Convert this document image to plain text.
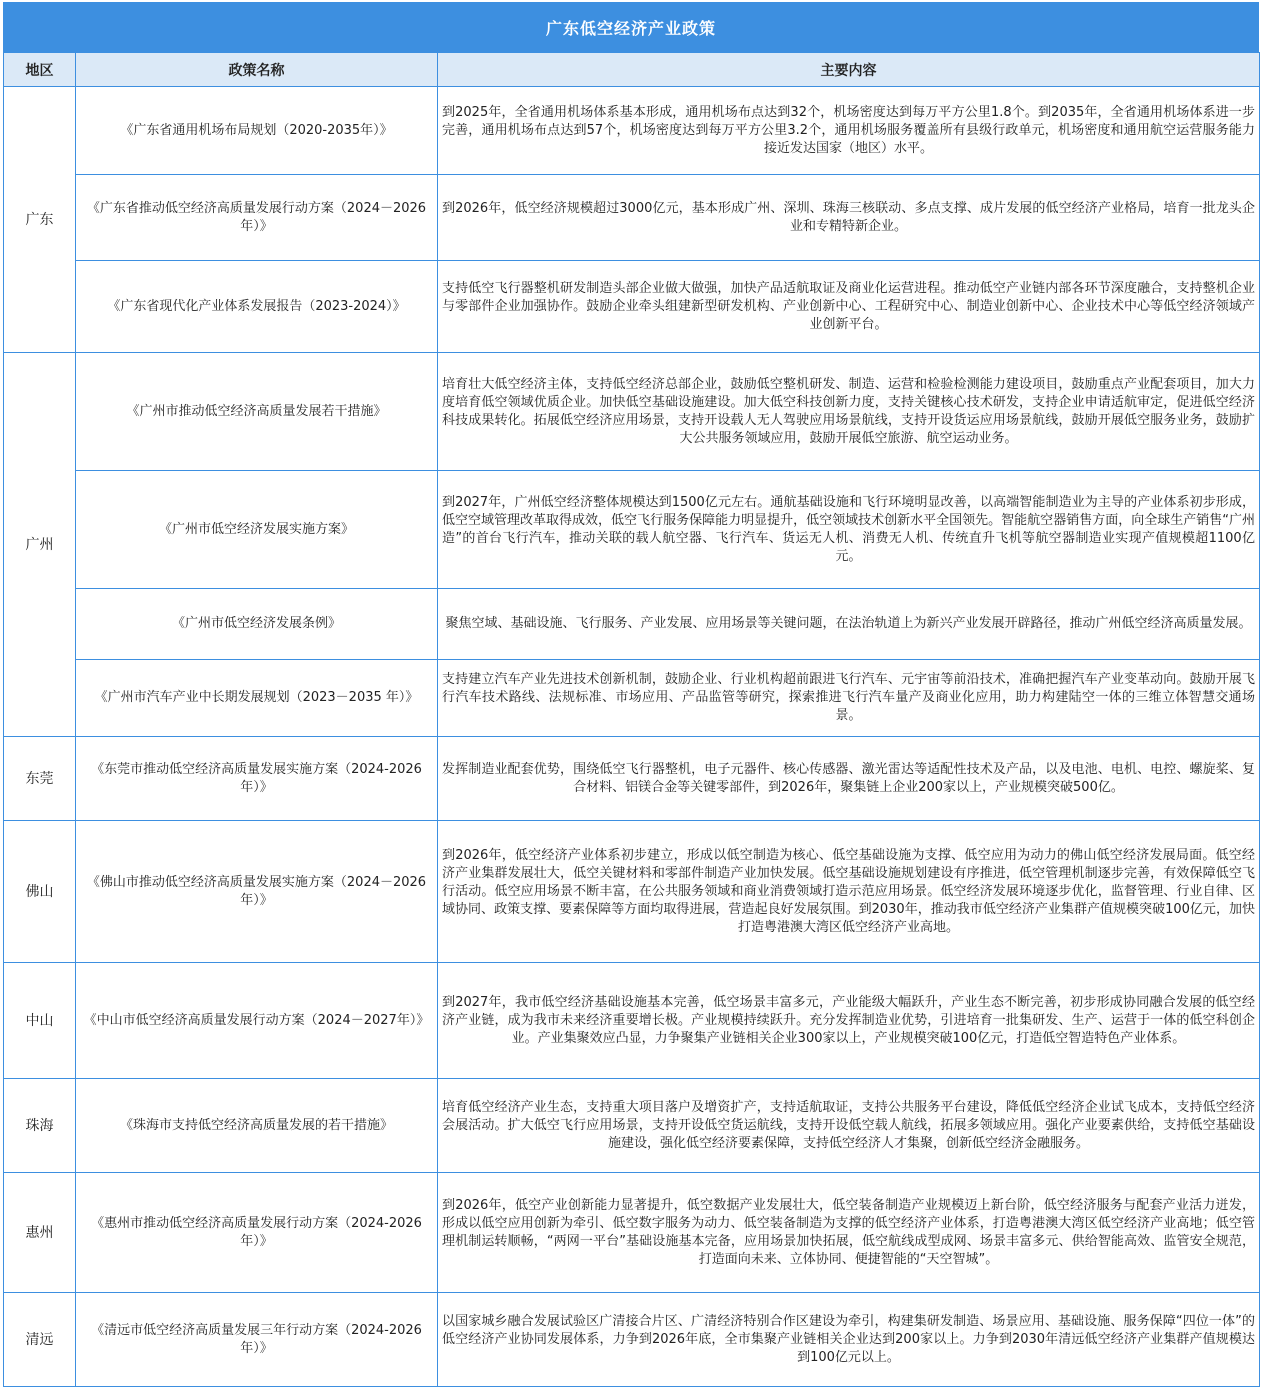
广东低空经济产业政策
地区	政策名称	主要内容
广东	《广东省通用机场布局规划（2020-2035年）》	到2025年，全省通用机场体系基本形成，通用机场布点达到32个，机场密度达到每万平方公里1.8个。到2035年，全省通用机场体系进一步完善，通用机场布点达到57个，机场密度达到每万平方公里3.2个，通用机场服务覆盖所有县级行政单元，机场密度和通用航空运营服务能力接近发达国家（地区）水平。
	《广东省推动低空经济高质量发展行动方案（2024－2026年）》	到2026年，低空经济规模超过3000亿元，基本形成广州、深圳、珠海三核联动、多点支撑、成片发展的低空经济产业格局，培育一批龙头企业和专精特新企业。
	《广东省现代化产业体系发展报告（2023-2024）》	支持低空飞行器整机研发制造头部企业做大做强，加快产品适航取证及商业化运营进程。推动低空产业链内部各环节深度融合，支持整机企业与零部件企业加强协作。鼓励企业牵头组建新型研发机构、产业创新中心、工程研究中心、制造业创新中心、企业技术中心等低空经济领域产业创新平台。
广州	《广州市推动低空经济高质量发展若干措施》	培育壮大低空经济主体，支持低空经济总部企业，鼓励低空整机研发、制造、运营和检验检测能力建设项目，鼓励重点产业配套项目，加大力度培育低空领域优质企业。加快低空基础设施建设。加大低空科技创新力度，支持关键核心技术研发，支持企业申请适航审定，促进低空经济科技成果转化。拓展低空经济应用场景，支持开设载人无人驾驶应用场景航线，支持开设货运应用场景航线，鼓励开展低空服务业务，鼓励扩大公共服务领域应用，鼓励开展低空旅游、航空运动业务。
	《广州市低空经济发展实施方案》	到2027年，广州低空经济整体规模达到1500亿元左右。通航基础设施和飞行环境明显改善，以高端智能制造业为主导的产业体系初步形成，低空空域管理改革取得成效，低空飞行服务保障能力明显提升，低空领域技术创新水平全国领先。智能航空器销售方面，向全球生产销售“广州造”的首台飞行汽车，推动关联的载人航空器、飞行汽车、货运无人机、消费无人机、传统直升飞机等航空器制造业实现产值规模超1100亿元。
	《广州市低空经济发展条例》	聚焦空域、基础设施、飞行服务、产业发展、应用场景等关键问题，在法治轨道上为新兴产业发展开辟路径，推动广州低空经济高质量发展。
	《广州市汽车产业中长期发展规划（2023－2035 年）》	支持建立汽车产业先进技术创新机制，鼓励企业、行业机构超前跟进飞行汽车、元宇宙等前沿技术，准确把握汽车产业变革动向。鼓励开展飞行汽车技术路线、法规标准、市场应用、产品监管等研究，探索推进飞行汽车量产及商业化应用，助力构建陆空一体的三维立体智慧交通场景。
东莞	《东莞市推动低空经济高质量发展实施方案（2024-2026年）》	发挥制造业配套优势，围绕低空飞行器整机，电子元器件、核心传感器、激光雷达等适配性技术及产品，以及电池、电机、电控、螺旋桨、复合材料、铝镁合金等关键零部件，到2026年，聚集链上企业200家以上，产业规模突破500亿。
佛山	《佛山市推动低空经济高质量发展实施方案（2024－2026年）》	到2026年，低空经济产业体系初步建立，形成以低空制造为核心、低空基础设施为支撑、低空应用为动力的佛山低空经济发展局面。低空经济产业集群发展壮大，低空关键材料和零部件制造产业加快发展。低空基础设施规划建设有序推进，低空管理机制逐步完善，有效保障低空飞行活动。低空应用场景不断丰富，在公共服务领域和商业消费领域打造示范应用场景。低空经济发展环境逐步优化，监督管理、行业自律、区域协同、政策支撑、要素保障等方面均取得进展，营造起良好发展氛围。到2030年，推动我市低空经济产业集群产值规模突破100亿元，加快打造粤港澳大湾区低空经济产业高地。
中山	《中山市低空经济高质量发展行动方案（2024－2027年）》	到2027年，我市低空经济基础设施基本完善，低空场景丰富多元，产业能级大幅跃升，产业生态不断完善，初步形成协同融合发展的低空经济产业链，成为我市未来经济重要增长极。产业规模持续跃升。充分发挥制造业优势，引进培育一批集研发、生产、运营于一体的低空科创企业。产业集聚效应凸显，力争聚集产业链相关企业300家以上，产业规模突破100亿元，打造低空智造特色产业体系。
珠海	《珠海市支持低空经济高质量发展的若干措施》	培育低空经济产业生态，支持重大项目落户及增资扩产，支持适航取证，支持公共服务平台建设，降低低空经济企业试飞成本，支持低空经济会展活动。扩大低空飞行应用场景，支持开设低空货运航线，支持开设低空载人航线，拓展多领域应用。强化产业要素供给，支持低空基础设施建设，强化低空经济要素保障，支持低空经济人才集聚，创新低空经济金融服务。
惠州	《惠州市推动低空经济高质量发展行动方案（2024-2026年）》	到2026年，低空产业创新能力显著提升，低空数据产业发展壮大，低空装备制造产业规模迈上新台阶，低空经济服务与配套产业活力迸发，形成以低空应用创新为牵引、低空数字服务为动力、低空装备制造为支撑的低空经济产业体系，打造粤港澳大湾区低空经济产业高地；低空管理机制运转顺畅，“两网一平台”基础设施基本完备，应用场景加快拓展，低空航线成型成网、场景丰富多元、供给智能高效、监管安全规范，打造面向未来、立体协同、便捷智能的“天空智城”。
清远	《清远市低空经济高质量发展三年行动方案（2024-2026年）》	以国家城乡融合发展试验区广清接合片区、广清经济特别合作区建设为牵引，构建集研发制造、场景应用、基础设施、服务保障“四位一体”的低空经济产业协同发展体系，力争到2026年底，全市集聚产业链相关企业达到200家以上。力争到2030年清远低空经济产业集群产值规模达到100亿元以上。
